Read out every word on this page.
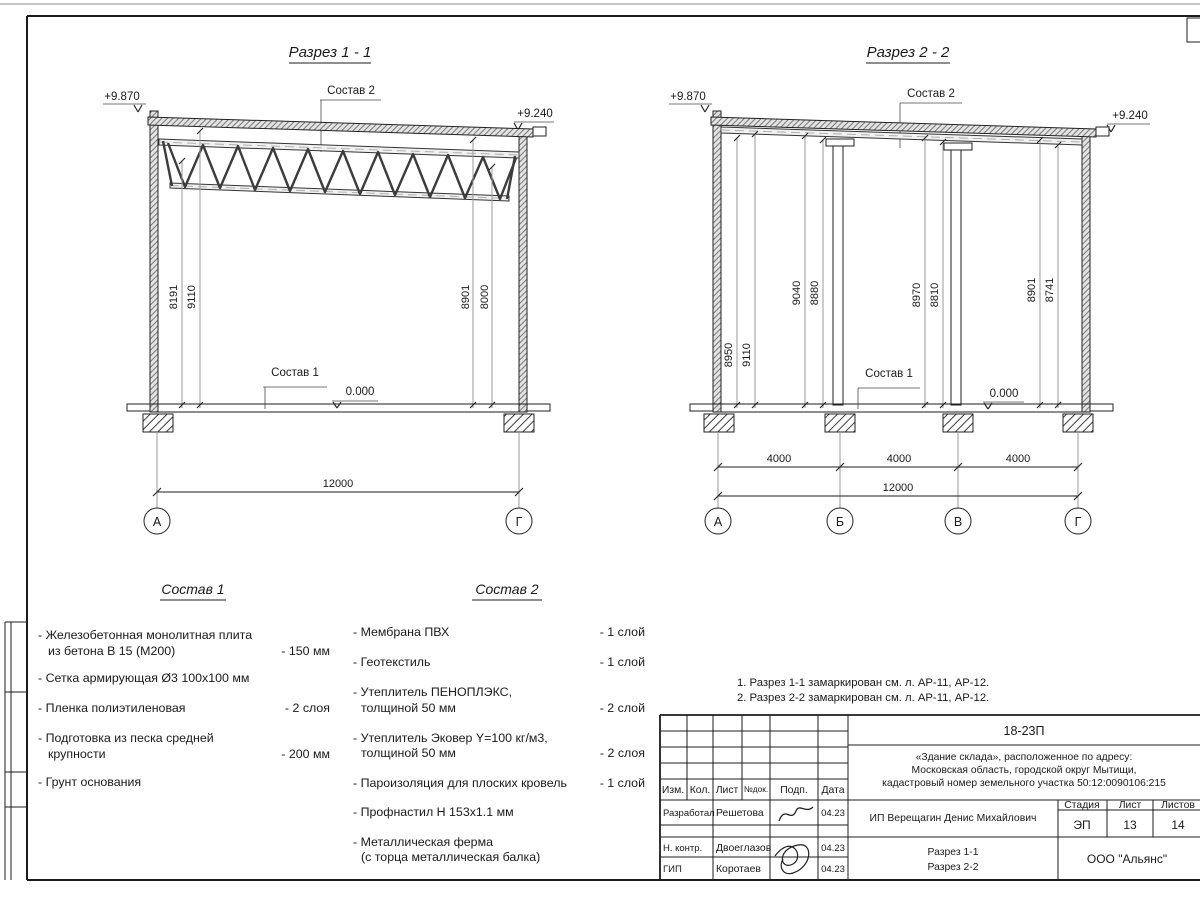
Разрез 1 - 1
+9.870
+9.240
Состав 2
8191 9110	8901 8000
Состав 1
0.000
12000
А	Г
Разрез 2 - 2
+9.870
+9.240
Состав 2
8950 9110
9040 8880	8970 8810	8901 8741
Состав 1
0.000
4000	4000	4000
12000
А	Б	В	Г
Состав 1
- Железобетонная монолитная плита
из бетона В 15 (М200)	- 150 мм
- Сетка армирующая Ø3 100х100 мм
- Пленка полиэтиленовая	- 2 слоя
- Подготовка из песка средней
крупности	- 200 мм
- Грунт основания
Состав 2
- Мембрана ПВХ	- 1 слой
- Геотекстиль	- 1 слой
- Утеплитель ПЕНОПЛЭКС,
толщиной 50 мм	- 2 слой
- Утеплитель Эковер Y=100 кг/м3,
толщиной 50 мм	- 2 слоя
- Пароизоляция для плоских кровель	- 1 слой
- Профнастил Н 153х1.1 мм
- Металлическая ферма
(с торца металлическая балка)
1. Разрез 1-1 замаркирован см. л. АР-11, АР-12.
2. Разрез 2-2 замаркирован см. л. АР-11, АР-12.
Изм. Кол. Лист №док. Подп. Дата
Разработал Решетова	04.23
Н. контр. Двоеглазов	04.23
ГИП	Коротаев	04.23
18-23П
«Здание склада», расположенное по адресу:
Московская область, городской округ Мытищи,
кадастровый номер земельного участка 50:12:0090106:215
ИП Верещагин Денис Михайлович
Стадия Лист Листов
ЭП	13	14
Разрез 1-1
Разрез 2-2
ООО "Альянс"
